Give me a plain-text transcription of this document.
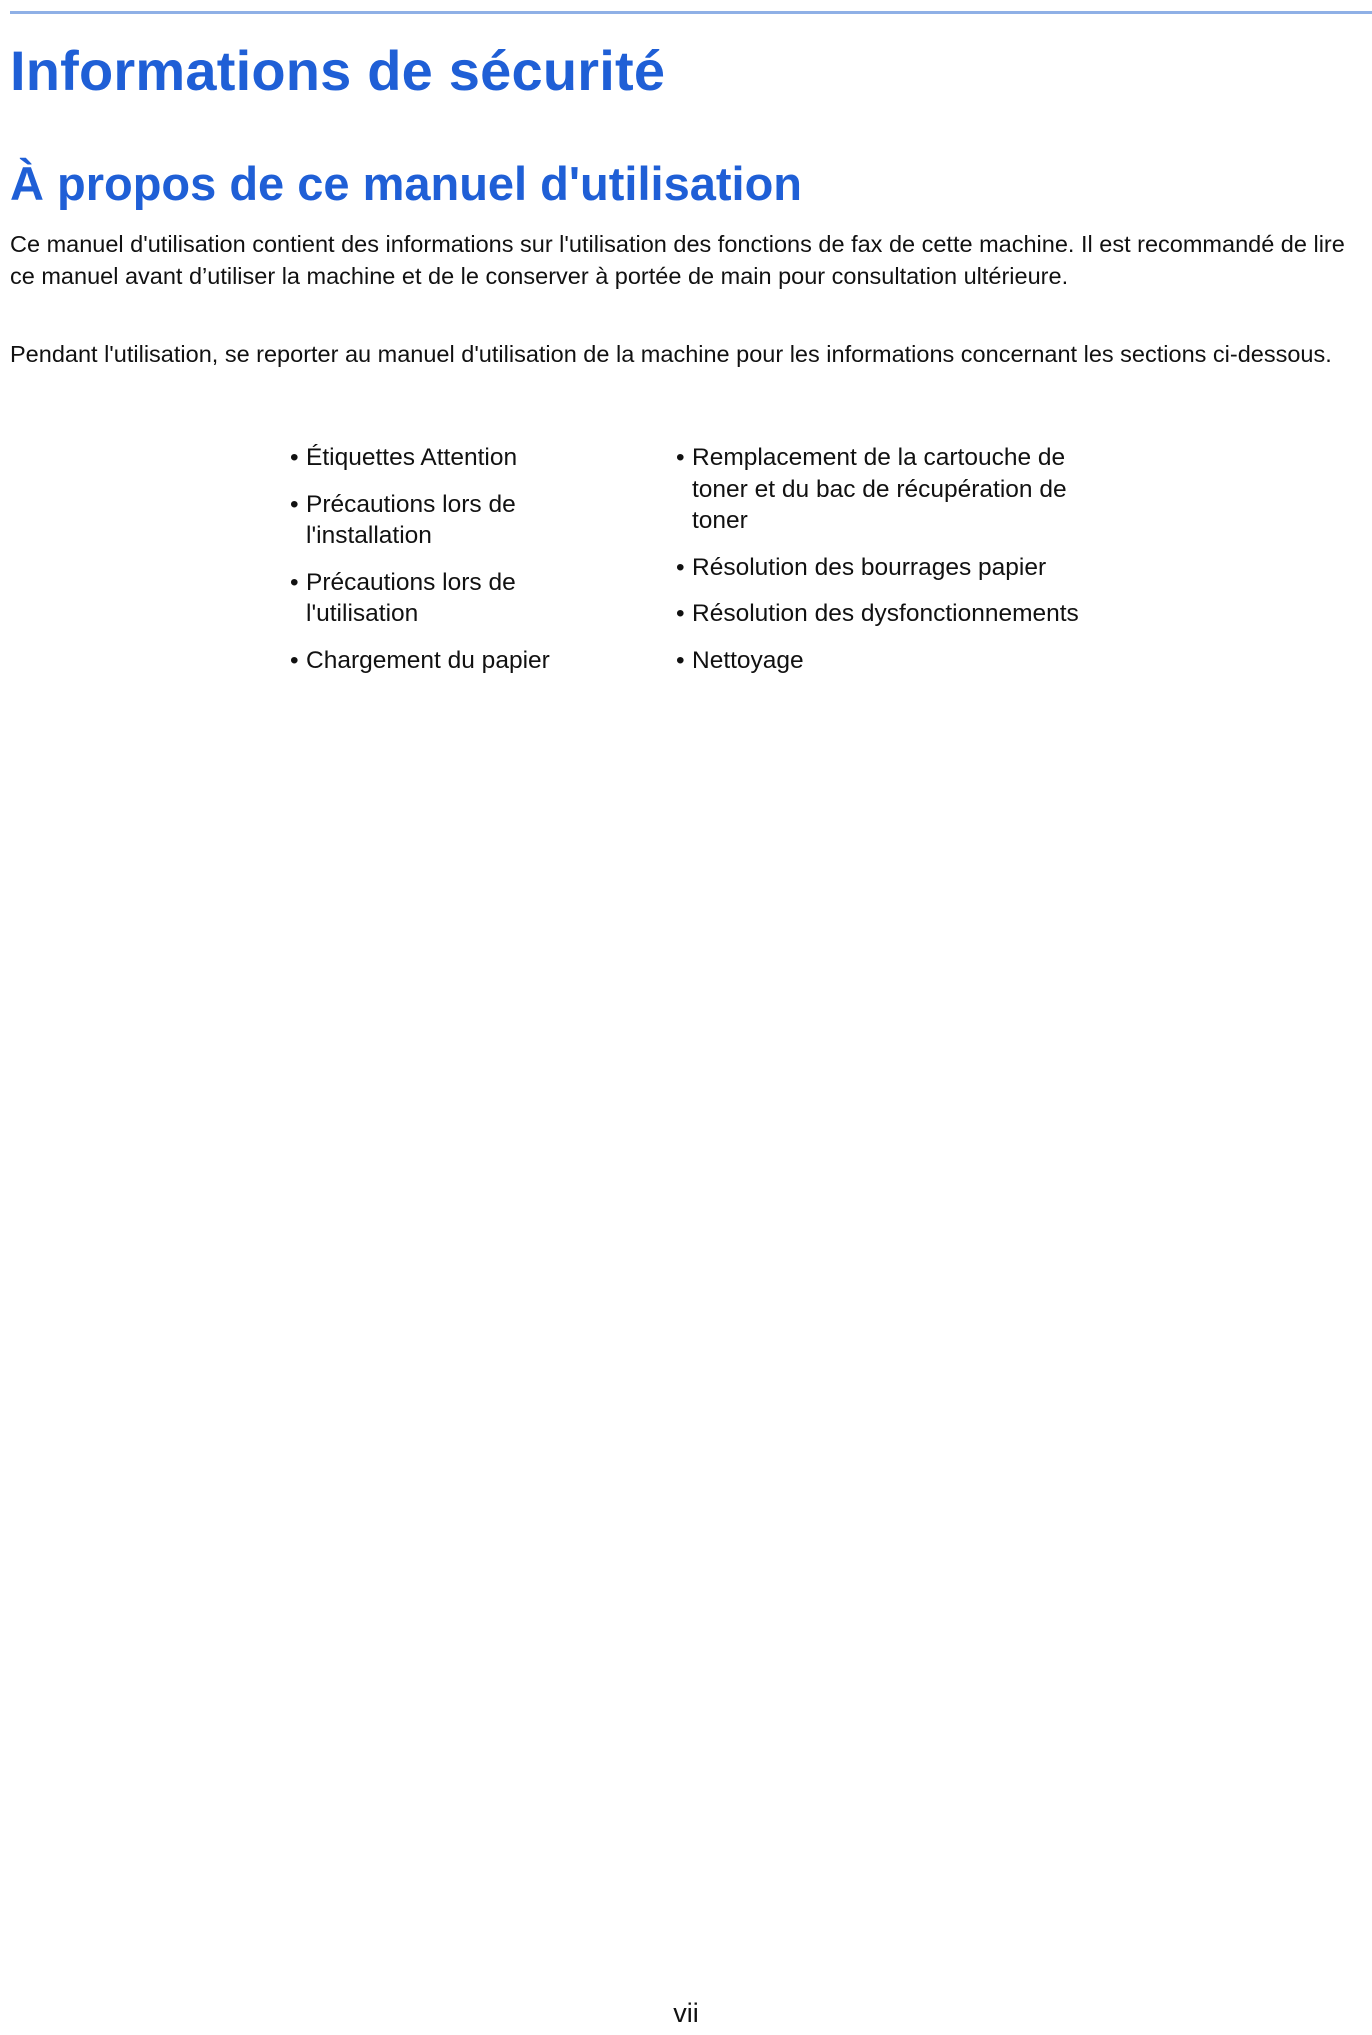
Informations de sécurité
À propos de ce manuel d'utilisation

Ce manuel d'utilisation contient des informations sur l'utilisation des fonctions de fax de cette machine. Il est recommandé de lire ce manuel avant d’utiliser la machine et de le conserver à portée de main pour consultation ultérieure.

Pendant l'utilisation, se reporter au manuel d'utilisation de la machine pour les informations concernant les sections ci-dessous.

• Étiquettes Attention
• Précautions lors de l'installation
• Précautions lors de l'utilisation
• Chargement du papier
• Remplacement de la cartouche de toner et du bac de récupération de toner
• Résolution des bourrages papier
• Résolution des dysfonctionnements
• Nettoyage
vii
